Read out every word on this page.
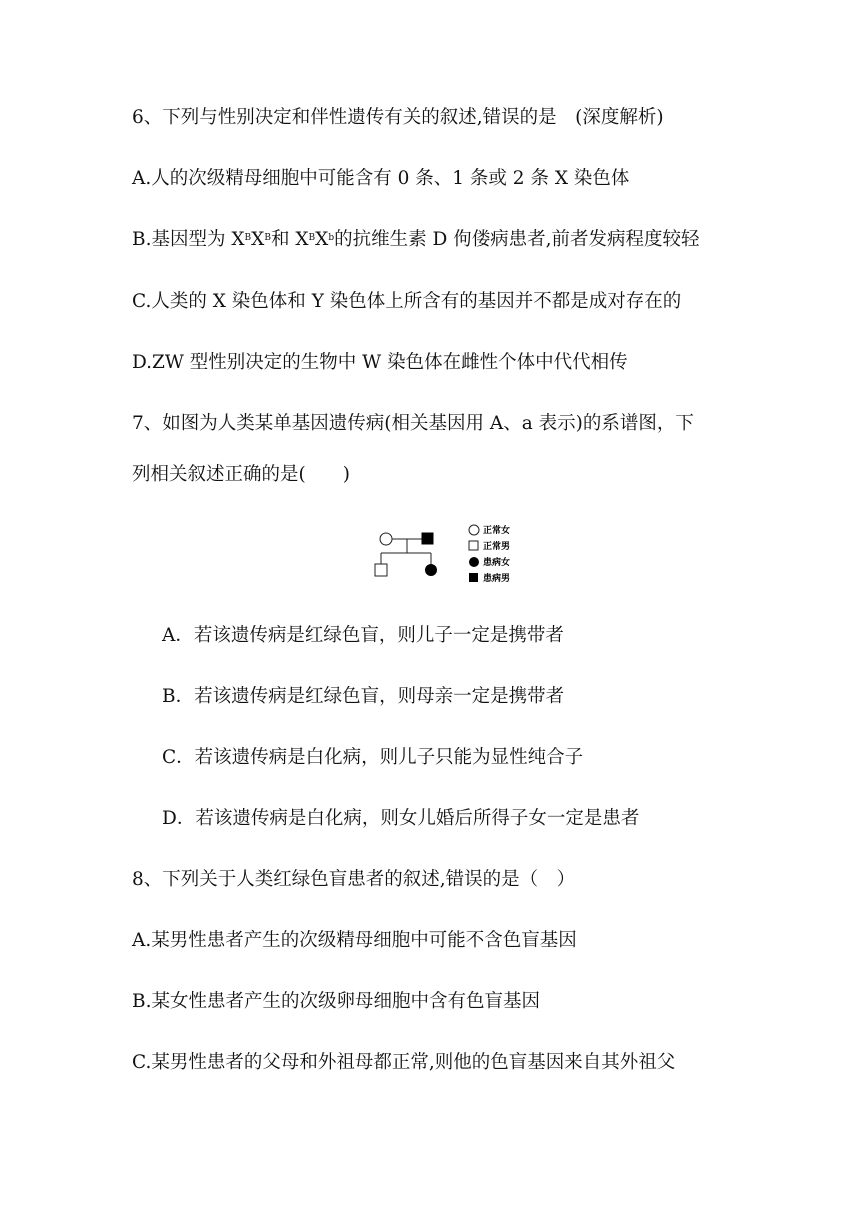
6、下列与性别决定和伴性遗传有关的叙述,错误的是　(深度解析)
A.人的次级精母细胞中可能含有 0 条、1 条或 2 条 X 染色体
B.基因型为 $X^BX^B$和 $X^BX^b$的抗维生素 D 佝偻病患者,前者发病程度较轻
C.人类的 X 染色体和 Y 染色体上所含有的基因并不都是成对存在的
D.ZW 型性别决定的生物中 W 染色体在雌性个体中代代相传
7、如图为人类某单基因遗传病(相关基因用 A、a 表示)的系谱图，下
列相关叙述正确的是(　　)
正常女
正常男
患病女
患病男
A．若该遗传病是红绿色盲，则儿子一定是携带者
B．若该遗传病是红绿色盲，则母亲一定是携带者
C．若该遗传病是白化病，则儿子只能为显性纯合子
D．若该遗传病是白化病，则女儿婚后所得子女一定是患者
8、下列关于人类红绿色盲患者的叙述,错误的是（　）
A.某男性患者产生的次级精母细胞中可能不含色盲基因
B.某女性患者产生的次级卵母细胞中含有色盲基因
C.某男性患者的父母和外祖母都正常,则他的色盲基因来自其外祖父
